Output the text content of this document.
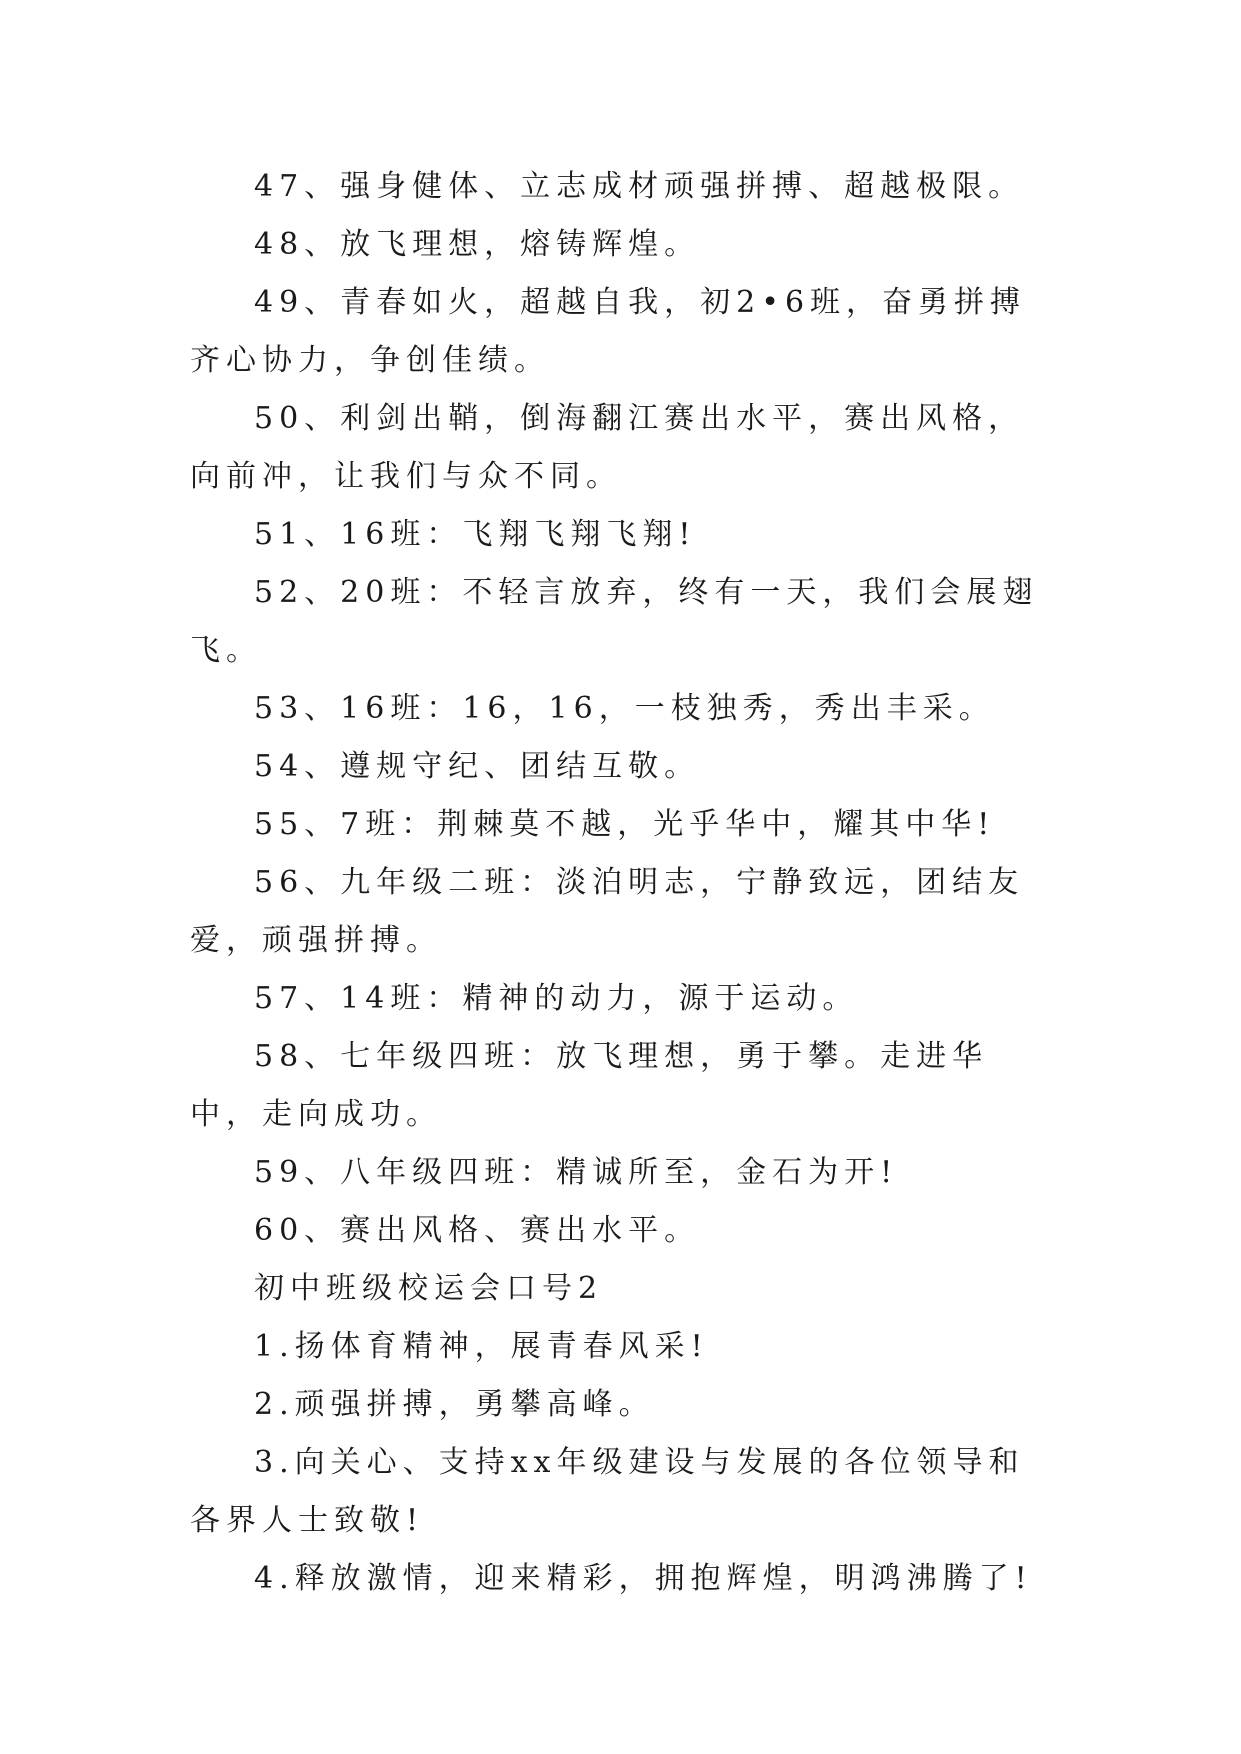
47、强身健体、立志成材顽强拼搏、超越极限。

48、放飞理想，熔铸辉煌。

49、青春如火，超越自我，初2•6班，奋勇拼搏齐心协力，争创佳绩。

50、利剑出鞘，倒海翻江赛出水平，赛出风格，向前冲，让我们与众不同。

51、16班：飞翔飞翔飞翔!

52、20班：不轻言放弃，终有一天，我们会展翅飞。

53、16班：16，16，一枝独秀，秀出丰采。

54、遵规守纪、团结互敬。

55、7班：荆棘莫不越，光乎华中，耀其中华!

56、九年级二班：淡泊明志，宁静致远，团结友爱，顽强拼搏。

57、14班：精神的动力，源于运动。

58、七年级四班：放飞理想，勇于攀。走进华中，走向成功。

59、八年级四班：精诚所至，金石为开!

60、赛出风格、赛出水平。

初中班级校运会口号2

1.扬体育精神，展青春风采!

2.顽强拼搏，勇攀高峰。

3.向关心、支持xx年级建设与发展的各位领导和各界人士致敬!

4.释放激情，迎来精彩，拥抱辉煌，明鸿沸腾了!
